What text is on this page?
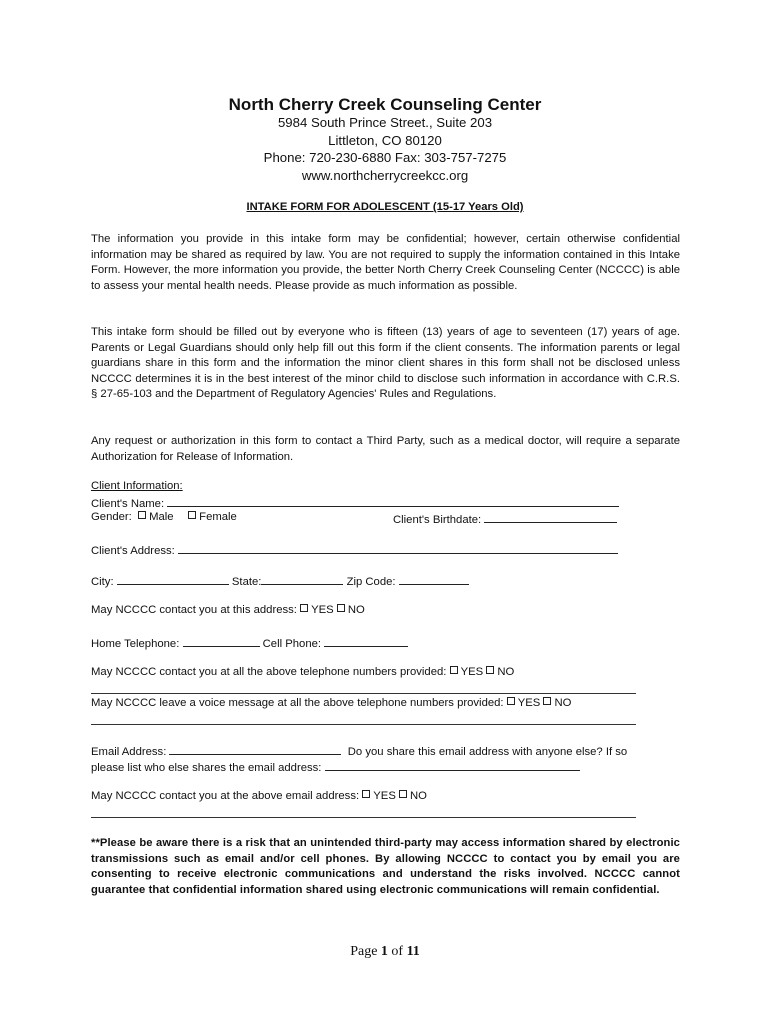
North Cherry Creek Counseling Center
5984 South Prince Street., Suite 203
Littleton, CO 80120
Phone: 720-230-6880 Fax: 303-757-7275
www.northcherrycreekcc.org
INTAKE FORM FOR ADOLESCENT (15-17 Years Old)
The information you provide in this intake form may be confidential; however, certain otherwise confidential information may be shared as required by law. You are not required to supply the information contained in this Intake Form. However, the more information you provide, the better North Cherry Creek Counseling Center (NCCCC) is able to assess your mental health needs. Please provide as much information as possible.
This intake form should be filled out by everyone who is fifteen (13) years of age to seventeen (17) years of age. Parents or Legal Guardians should only help fill out this form if the client consents. The information parents or legal guardians share in this form and the information the minor client shares in this form shall not be disclosed unless NCCCC determines it is in the best interest of the minor child to disclose such information in accordance with C.R.S. § 27-65-103 and the Department of Regulatory Agencies' Rules and Regulations.
Any request or authorization in this form to contact a Third Party, such as a medical doctor, will require a separate Authorization for Release of Information.
Client Information:
Client's Name:
Gender: Male Female	Client's Birthdate:
Client's Address:
City:	State:	Zip Code:
May NCCCC contact you at this address: YES NO
Home Telephone:	Cell Phone:
May NCCCC contact you at all the above telephone numbers provided: YES NO
May NCCCC leave a voice message at all the above telephone numbers provided: YES NO
Email Address:	Do you share this email address with anyone else? If so
please list who else shares the email address:
May NCCCC contact you at the above email address: YES NO
**Please be aware there is a risk that an unintended third-party may access information shared by electronic transmissions such as email and/or cell phones. By allowing NCCCC to contact you by email you are consenting to receive electronic communications and understand the risks involved. NCCCC cannot guarantee that confidential information shared using electronic communications will remain confidential.
Page 1 of 11
